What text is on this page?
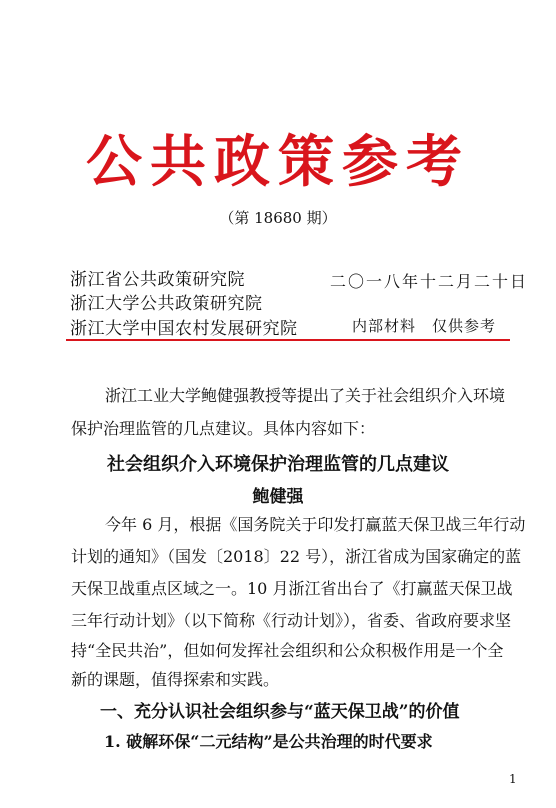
公共政策参考
（第 18680 期）
浙江省公共政策研究院
浙江大学公共政策研究院
浙江大学中国农村发展研究院
二〇一八年十二月二十日
内部材料　仅供参考
浙江工业大学鲍健强教授等提出了关于社会组织介入环境
保护治理监管的几点建议。具体内容如下：
社会组织介入环境保护治理监管的几点建议
鲍健强
今年 6 月，根据《国务院关于印发打赢蓝天保卫战三年行动
计划的通知》（国发〔2018〕22 号），浙江省成为国家确定的蓝
天保卫战重点区域之一。10 月浙江省出台了《打赢蓝天保卫战
三年行动计划》（以下简称《行动计划》），省委、省政府要求坚
持“全民共治”，但如何发挥社会组织和公众积极作用是一个全
新的课题，值得探索和实践。
一、充分认识社会组织参与“蓝天保卫战”的价值
1. 破解环保“二元结构”是公共治理的时代要求
1
